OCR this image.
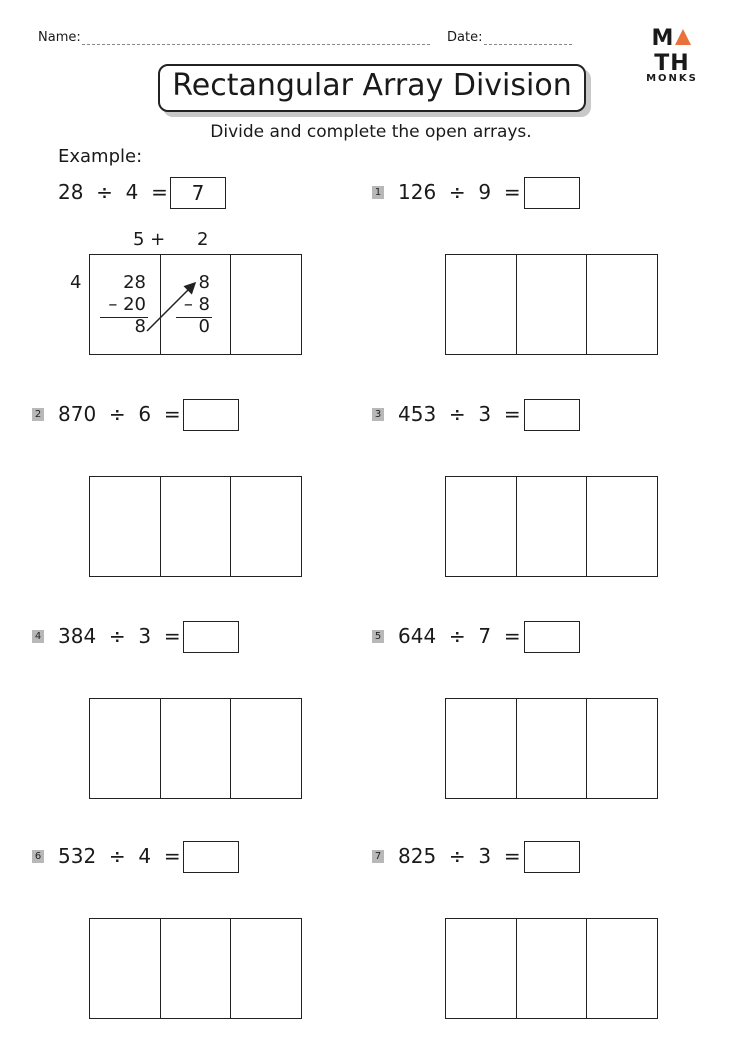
Name:	Date:	MTH
MONKS
Rectangular Array Division
Divide and complete the open arrays.
Example:
28 ÷ 4 =	7
5 + 2
4 28
– 20
8
8
– 8
0
1 126 ÷ 9 =
2 870 ÷ 6 =	3 453 ÷ 3 =
4 384 ÷ 3 =	5 644 ÷ 7 =
6 532 ÷ 4 =	7 825 ÷ 3 =
